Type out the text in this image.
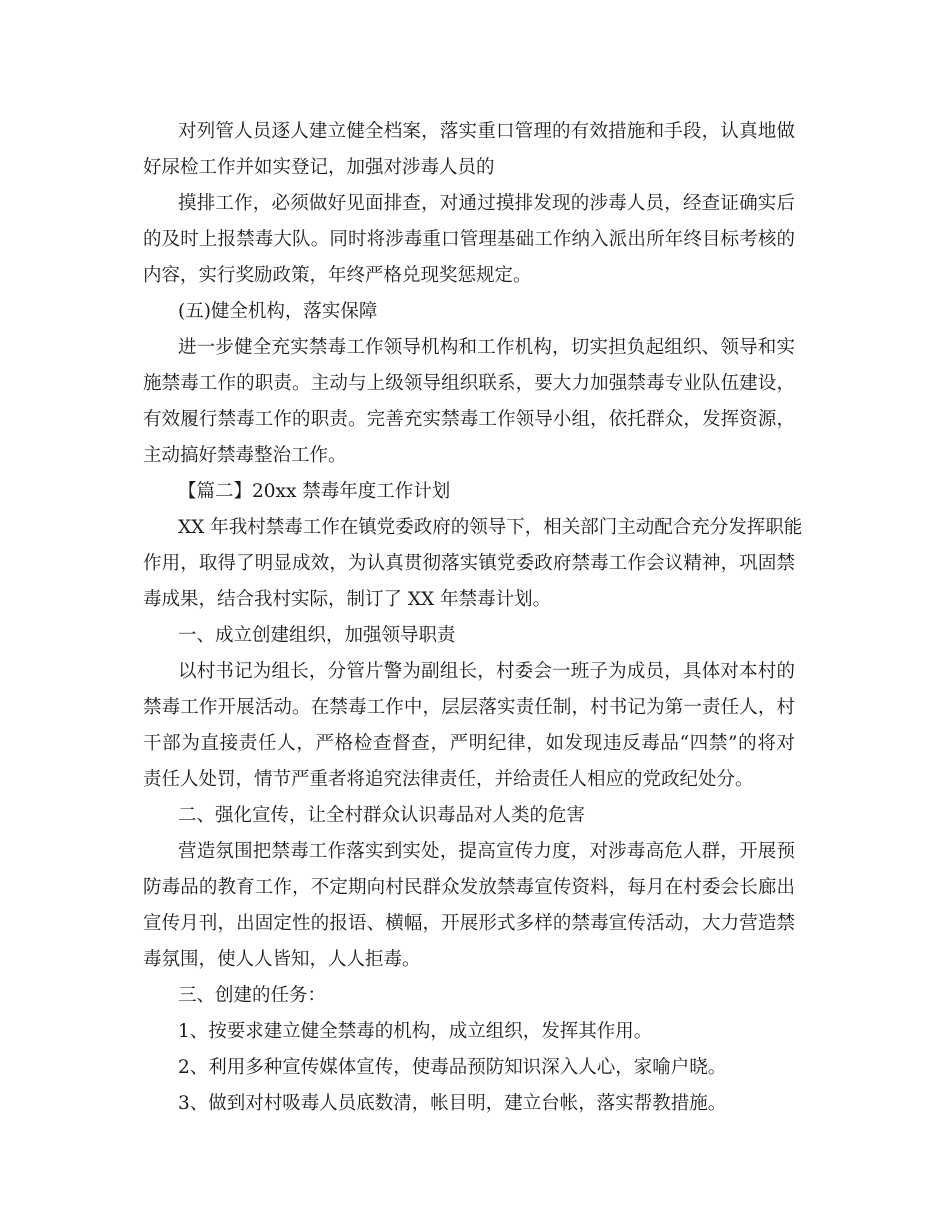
对列管人员逐人建立健全档案，落实重口管理的有效措施和手段，认真地做
好尿检工作并如实登记，加强对涉毒人员的
摸排工作，必须做好见面排查，对通过摸排发现的涉毒人员，经查证确实后
的及时上报禁毒大队。同时将涉毒重口管理基础工作纳入派出所年终目标考核的
内容，实行奖励政策，年终严格兑现奖惩规定。
(五)健全机构，落实保障
进一步健全充实禁毒工作领导机构和工作机构，切实担负起组织、领导和实
施禁毒工作的职责。主动与上级领导组织联系，要大力加强禁毒专业队伍建设，
有效履行禁毒工作的职责。完善充实禁毒工作领导小组，依托群众，发挥资源，
主动搞好禁毒整治工作。
【篇二】20xx 禁毒年度工作计划
XX 年我村禁毒工作在镇党委政府的领导下，相关部门主动配合充分发挥职能
作用，取得了明显成效，为认真贯彻落实镇党委政府禁毒工作会议精神，巩固禁
毒成果，结合我村实际，制订了 XX 年禁毒计划。
一、成立创建组织，加强领导职责
以村书记为组长，分管片警为副组长，村委会一班子为成员，具体对本村的
禁毒工作开展活动。在禁毒工作中，层层落实责任制，村书记为第一责任人，村
干部为直接责任人，严格检查督查，严明纪律，如发现违反毒品“四禁”的将对
责任人处罚，情节严重者将追究法律责任，并给责任人相应的党政纪处分。
二、强化宣传，让全村群众认识毒品对人类的危害
营造氛围把禁毒工作落实到实处，提高宣传力度，对涉毒高危人群，开展预
防毒品的教育工作，不定期向村民群众发放禁毒宣传资料，每月在村委会长廊出
宣传月刊，出固定性的报语、横幅，开展形式多样的禁毒宣传活动，大力营造禁
毒氛围，使人人皆知，人人拒毒。
三、创建的任务：
1、按要求建立健全禁毒的机构，成立组织，发挥其作用。
2、利用多种宣传媒体宣传，使毒品预防知识深入人心，家喻户晓。
3、做到对村吸毒人员底数清，帐目明，建立台帐，落实帮教措施。
